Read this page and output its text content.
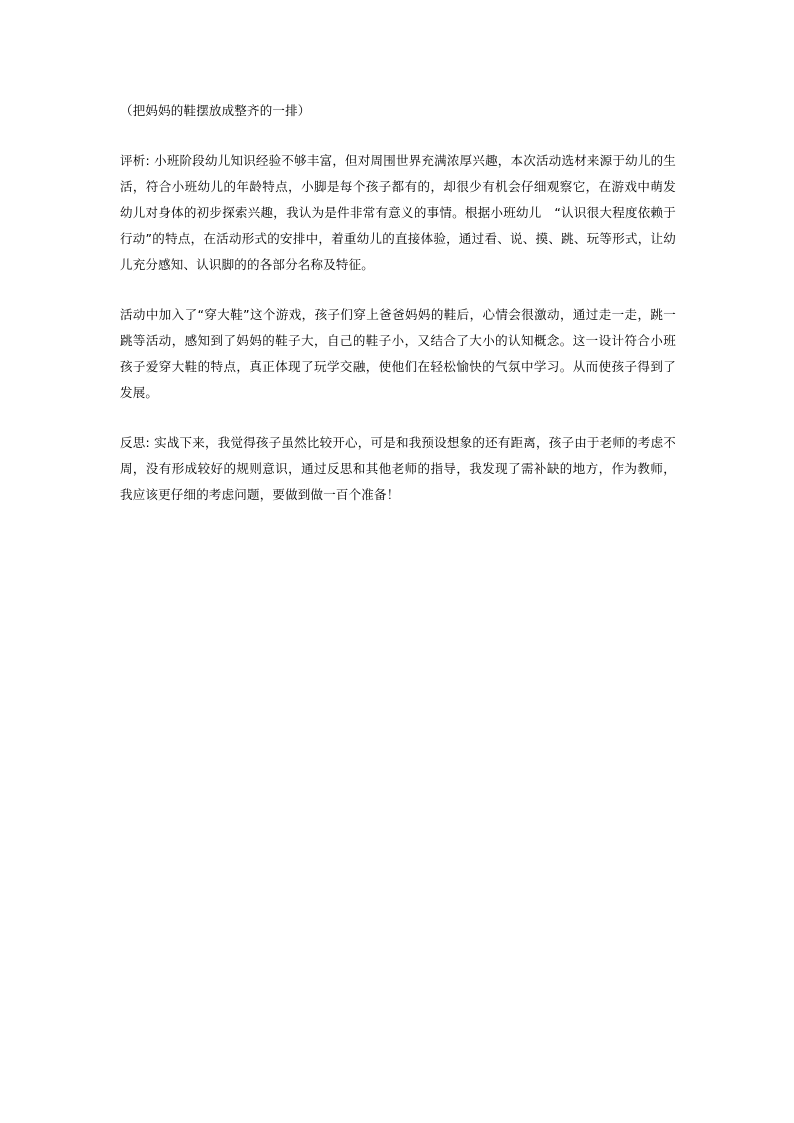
（把妈妈的鞋摆放成整齐的一排）

评析: 小班阶段幼儿知识经验不够丰富，但对周围世界充满浓厚兴趣，本次活动选材来源于幼儿的生活，符合小班幼儿的年龄特点，小脚是每个孩子都有的，却很少有机会仔细观察它，在游戏中萌发幼儿对身体的初步探索兴趣，我认为是件非常有意义的事情。根据小班幼儿　“认识很大程度依赖于行动”的特点，在活动形式的安排中，着重幼儿的直接体验，通过看、说、摸、跳、玩等形式，让幼儿充分感知、认识脚的的各部分名称及特征。

活动中加入了“穿大鞋”这个游戏，孩子们穿上爸爸妈妈的鞋后，心情会很激动，通过走一走，跳一跳等活动，感知到了妈妈的鞋子大，自己的鞋子小，又结合了大小的认知概念。这一设计符合小班孩子爱穿大鞋的特点，真正体现了玩学交融，使他们在轻松愉快的气氛中学习。从而使孩子得到了发展。

反思: 实战下来，我觉得孩子虽然比较开心，可是和我预设想象的还有距离，孩子由于老师的考虑不周，没有形成较好的规则意识，通过反思和其他老师的指导，我发现了需补缺的地方，作为教师，我应该更仔细的考虑问题，要做到做一百个准备！
